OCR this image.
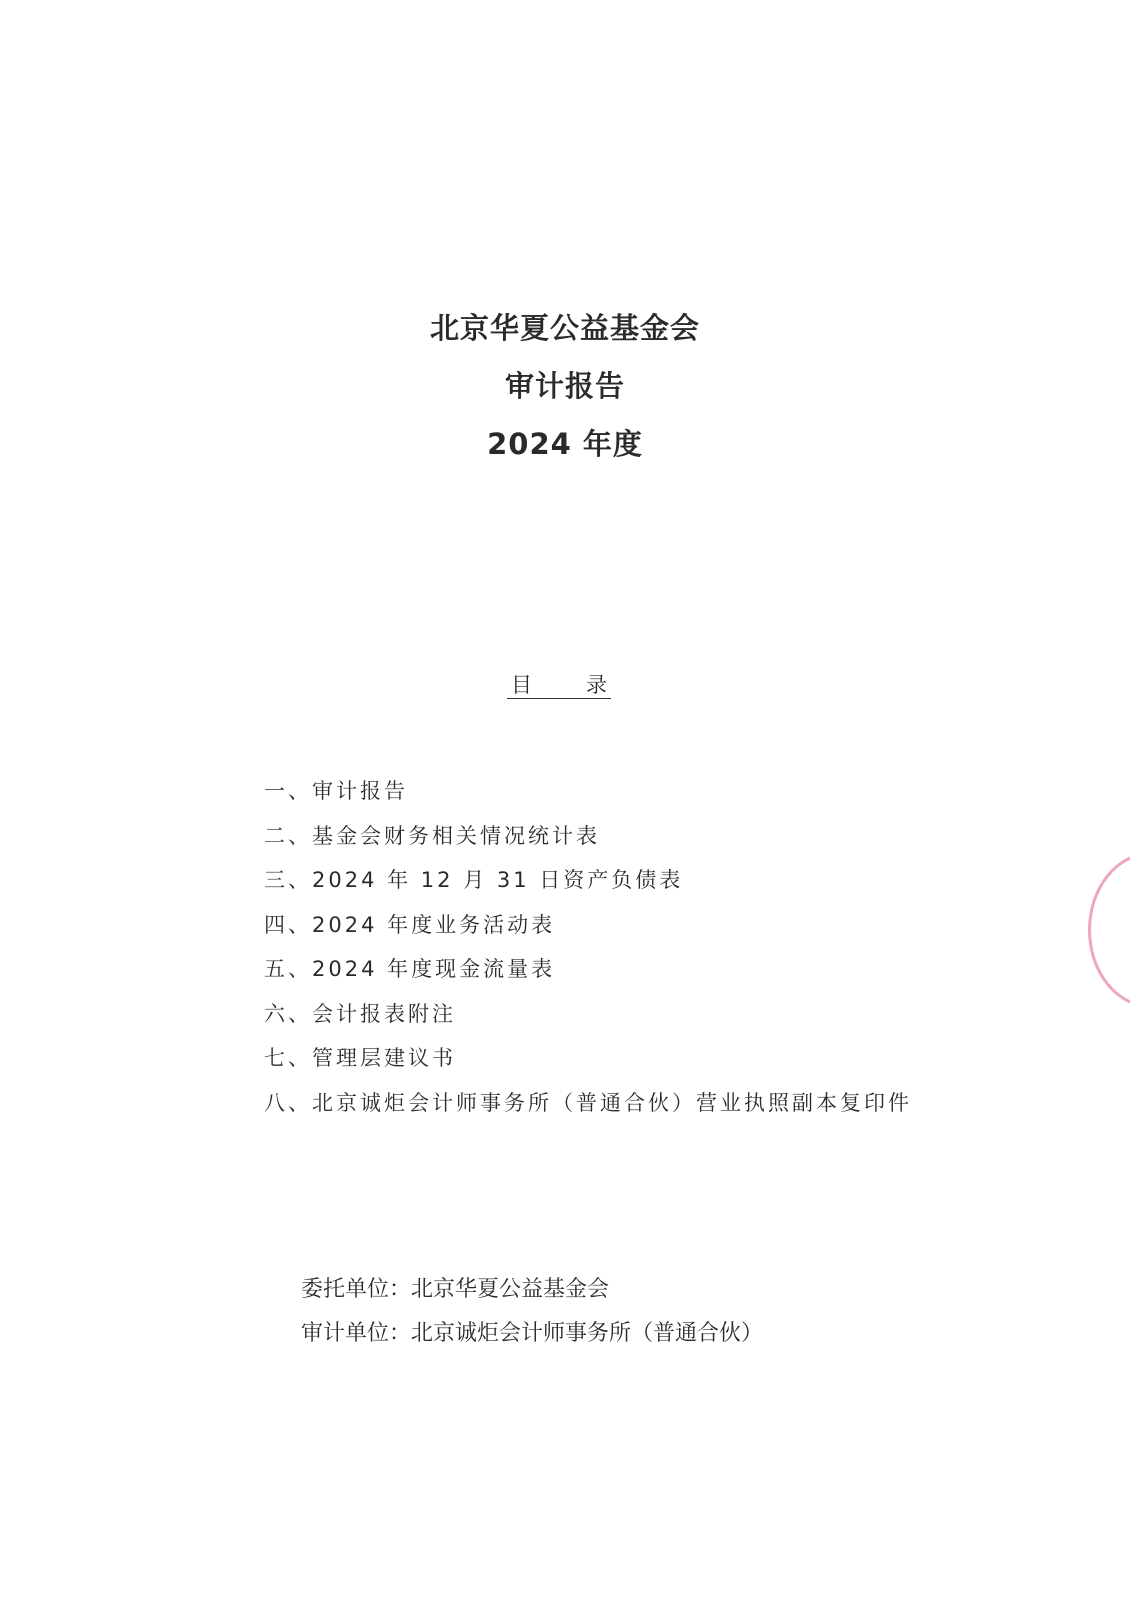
北京华夏公益基金会
审计报告
2024 年度
目	录
一、审计报告
二、基金会财务相关情况统计表
三、2024 年 12 月 31 日资产负债表
四、2024 年度业务活动表
五、2024 年度现金流量表
六、会计报表附注
七、管理层建议书
八、北京诚炬会计师事务所（普通合伙）营业执照副本复印件
委托单位：北京华夏公益基金会
审计单位：北京诚炬会计师事务所（普通合伙）
